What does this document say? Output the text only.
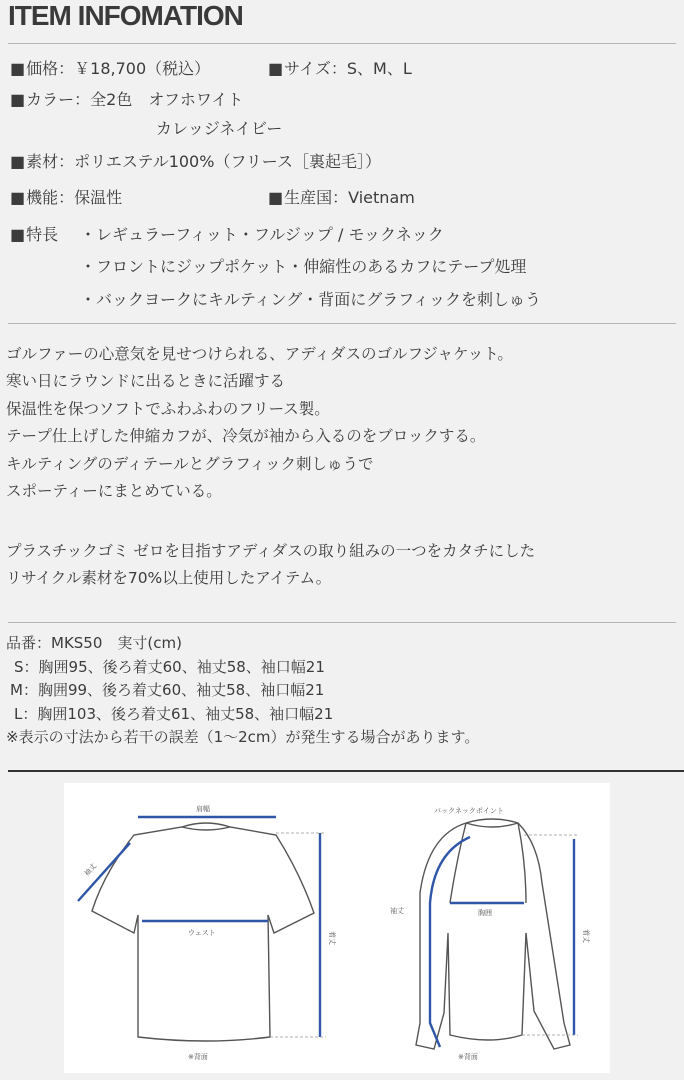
ITEM INFOMATION
■ 価格：￥18,700（税込）	■ サイズ：S、M、L
■ カラー：全2色　オフホワイト
カレッジネイビー
■ 素材：ポリエステル100%（フリース［裏起毛］）
■ 機能：保温性	■ 生産国：Vietnam
■ 特長 ・レギュラーフィット・フルジップ / モックネック
・フロントにジップポケット・伸縮性のあるカフにテープ処理
・バックヨークにキルティング・背面にグラフィックを刺しゅう
ゴルファーの心意気を見せつけられる、アディダスのゴルフジャケット。
寒い日にラウンドに出るときに活躍する
保温性を保つソフトでふわふわのフリース製。
テープ仕上げした伸縮カフが、冷気が袖から入るのをブロックする。
キルティングのディテールとグラフィック刺しゅうで
スポーティーにまとめている。
プラスチックゴミ ゼロを目指すアディダスの取り組みの一つをカタチにした
リサイクル素材を70%以上使用したアイテム。
品番：MKS50　実寸(cm)
S：胸囲95、後ろ着丈60、袖丈58、袖口幅21
M：胸囲99、後ろ着丈60、袖丈58、袖口幅21
L：胸囲103、後ろ着丈61、袖丈58、袖口幅21
※表示の寸法から若干の誤差（1〜2cm）が発生する場合があります。
肩幅
袖丈
ウェスト	着丈
※背面
バックネックポイント
袖丈	胸囲
着丈
※背面
